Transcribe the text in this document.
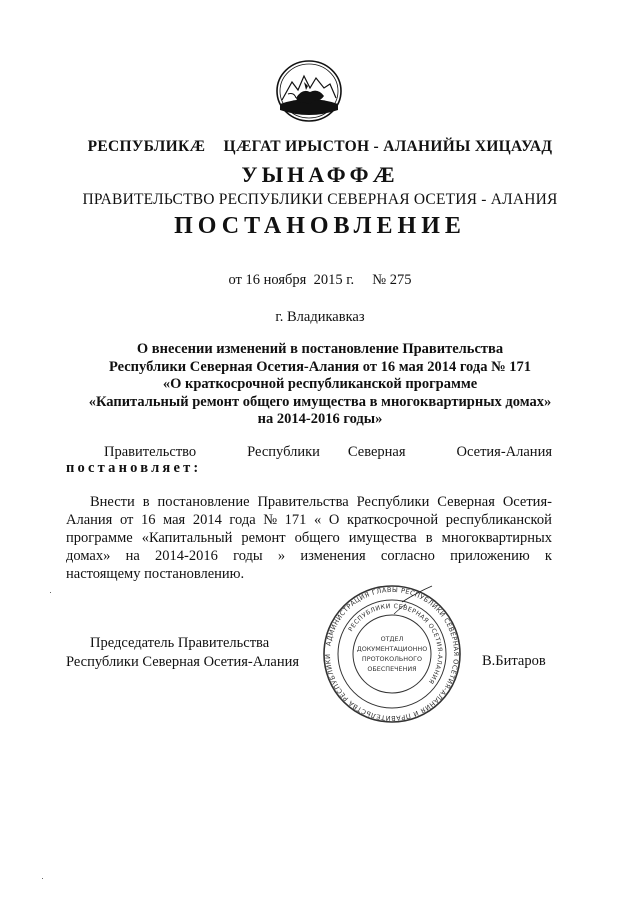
РЕСПУБЛИКӔ ЦӔГАТ ИРЫСТОН - АЛАНИЙЫ ХИЦАУАД
УЫНАФФӔ
ПРАВИТЕЛЬСТВО РЕСПУБЛИКИ СЕВЕРНАЯ ОСЕТИЯ - АЛАНИЯ
ПОСТАНОВЛЕНИЕ
от 16 ноября  2015 г. № 275
г. Владикавказ
О внесении изменений в постановление Правительства
Республики Северная Осетия-Алания от 16 мая 2014 года № 171
«О краткосрочной республиканской программе
«Капитальный ремонт общего имущества в многоквартирных домах»
на 2014-2016 годы»
Правительство	Республики Северная	Осетия-Алания
постановляет:
Внести в постановление Правительства Республики Северная Осетия-
Алания от 16 мая 2014 года № 171 « О краткосрочной республиканской
программе «Капитальный ремонт общего имущества в многоквартирных
домах» на 2014-2016 годы » изменения согласно приложению к
настоящему постановлению.
Председатель Правительства
Республики Северная Осетия-Алания	В.Битаров
АДМИНИСТРАЦИЯ ГЛАВЫ РЕСПУБЛИКИ СЕВЕРНАЯ ОСЕТИЯ-АЛАНИЯ И ПРАВИТЕЛЬСТВА РЕСПУБЛИКИ
РЕСПУБЛИКИ СЕВЕРНАЯ ОСЕТИЯ-АЛАНИЯ
ОТДЕЛ
ДОКУМЕНТАЦИОННО
ПРОТОКОЛЬНОГО
ОБЕСПЕЧЕНИЯ
